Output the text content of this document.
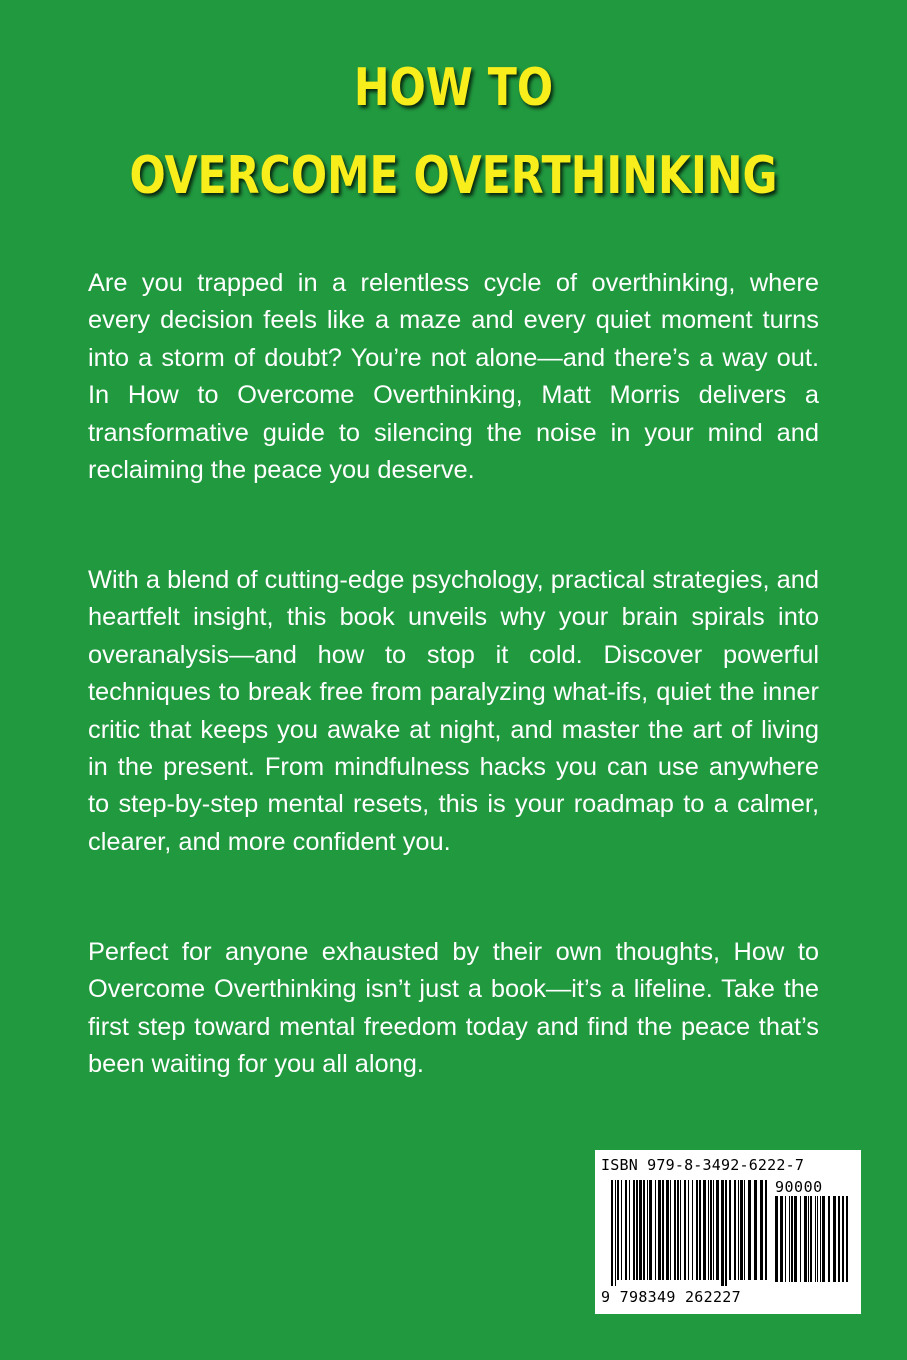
HOW TO
OVERCOME OVERTHINKING

Are you trapped in a relentless cycle of overthinking, where every decision feels like a maze and every quiet moment turns into a storm of doubt? You’re not alone—and there’s a way out. In How to Overcome Overthinking, Matt Morris delivers a transformative guide to silencing the noise in your mind and reclaiming the peace you deserve.

With a blend of cutting-edge psychology, practical strategies, and heartfelt insight, this book unveils why your brain spirals into overanalysis—and how to stop it cold. Discover powerful techniques to break free from paralyzing what-ifs, quiet the inner critic that keeps you awake at night, and master the art of living in the present. From mindfulness hacks you can use anywhere to step-by-step mental resets, this is your roadmap to a calmer, clearer, and more confident you.

Perfect for anyone exhausted by their own thoughts, How to Overcome Overthinking isn’t just a book—it’s a lifeline. Take the first step toward mental freedom today and find the peace that’s been waiting for you all along.

ISBN 979-8-3492-6222-7
90000
9 798349 262227
